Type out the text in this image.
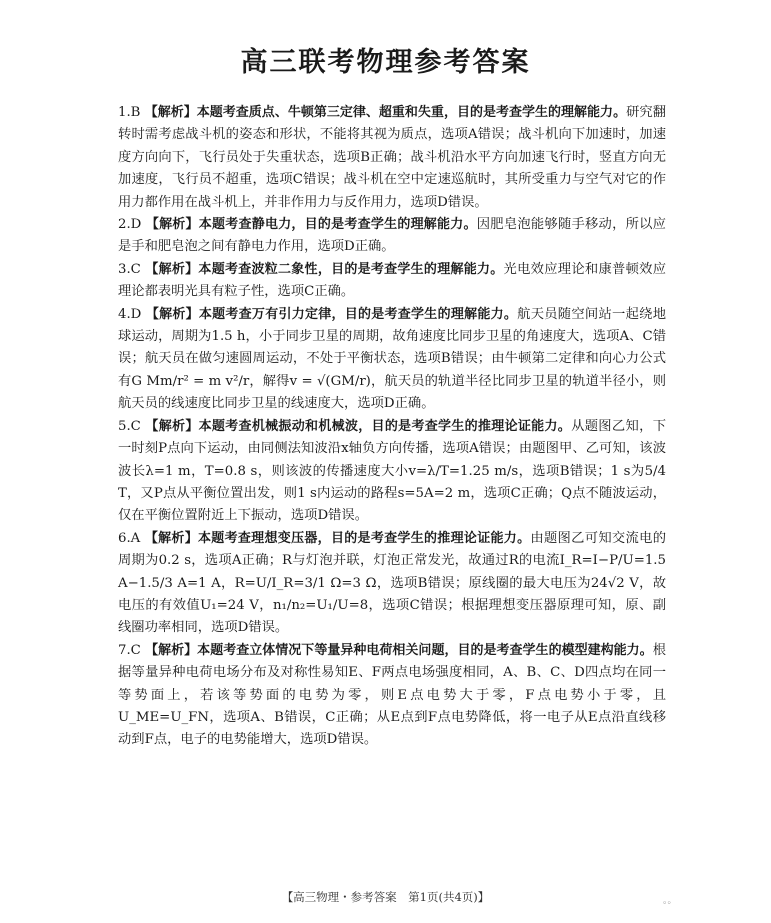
高三联考物理参考答案

1.B 【解析】本题考查质点、牛顿第三定律、超重和失重，目的是考查学生的理解能力。研究翻转时需考虑战斗机的姿态和形状，不能将其视为质点，选项A错误；战斗机向下加速时，加速度方向向下，飞行员处于失重状态，选项B正确；战斗机沿水平方向加速飞行时，竖直方向无加速度，飞行员不超重，选项C错误；战斗机在空中定速巡航时，其所受重力与空气对它的作用力都作用在战斗机上，并非作用力与反作用力，选项D错误。

2.D 【解析】本题考查静电力，目的是考查学生的理解能力。因肥皂泡能够随手移动，所以应是手和肥皂泡之间有静电力作用，选项D正确。

3.C 【解析】本题考查波粒二象性，目的是考查学生的理解能力。光电效应理论和康普顿效应理论都表明光具有粒子性，选项C正确。

4.D 【解析】本题考查万有引力定律，目的是考查学生的理解能力。航天员随空间站一起绕地球运动，周期为1.5 h，小于同步卫星的周期，故角速度比同步卫星的角速度大，选项A、C错误；航天员在做匀速圆周运动，不处于平衡状态，选项B错误；由牛顿第二定律和向心力公式有G Mm/r² = m v²/r，解得v = √(GM/r)，航天员的轨道半径比同步卫星的轨道半径小，则航天员的线速度比同步卫星的线速度大，选项D正确。

5.C 【解析】本题考查机械振动和机械波，目的是考查学生的推理论证能力。从题图乙知，下一时刻P点向下运动，由同侧法知波沿x轴负方向传播，选项A错误；由题图甲、乙可知，该波波长λ=1 m，T=0.8 s，则该波的传播速度大小v=λ/T=1.25 m/s，选项B错误；1 s为5/4 T，又P点从平衡位置出发，则1 s内运动的路程s=5A=2 m，选项C正确；Q点不随波运动，仅在平衡位置附近上下振动，选项D错误。

6.A 【解析】本题考查理想变压器，目的是考查学生的推理论证能力。由题图乙可知交流电的周期为0.2 s，选项A正确；R与灯泡并联，灯泡正常发光，故通过R的电流I_R=I−P/U=1.5 A−1.5/3 A=1 A，R=U/I_R=3/1 Ω=3 Ω，选项B错误；原线圈的最大电压为24√2 V，故电压的有效值U₁=24 V，n₁/n₂=U₁/U=8，选项C错误；根据理想变压器原理可知，原、副线圈功率相同，选项D错误。

7.C 【解析】本题考查立体情况下等量异种电荷相关问题，目的是考查学生的模型建构能力。根据等量异种电荷电场分布及对称性易知E、F两点电场强度相同，A、B、C、D四点均在同一等势面上，若该等势面的电势为零，则E点电势大于零，F点电势小于零，且U_ME=U_FN，选项A、B错误，C正确；从E点到F点电势降低，将一电子从E点沿直线移动到F点，电子的电势能增大，选项D错误。

【高三物理・参考答案　第1页(共4页)】	。。
